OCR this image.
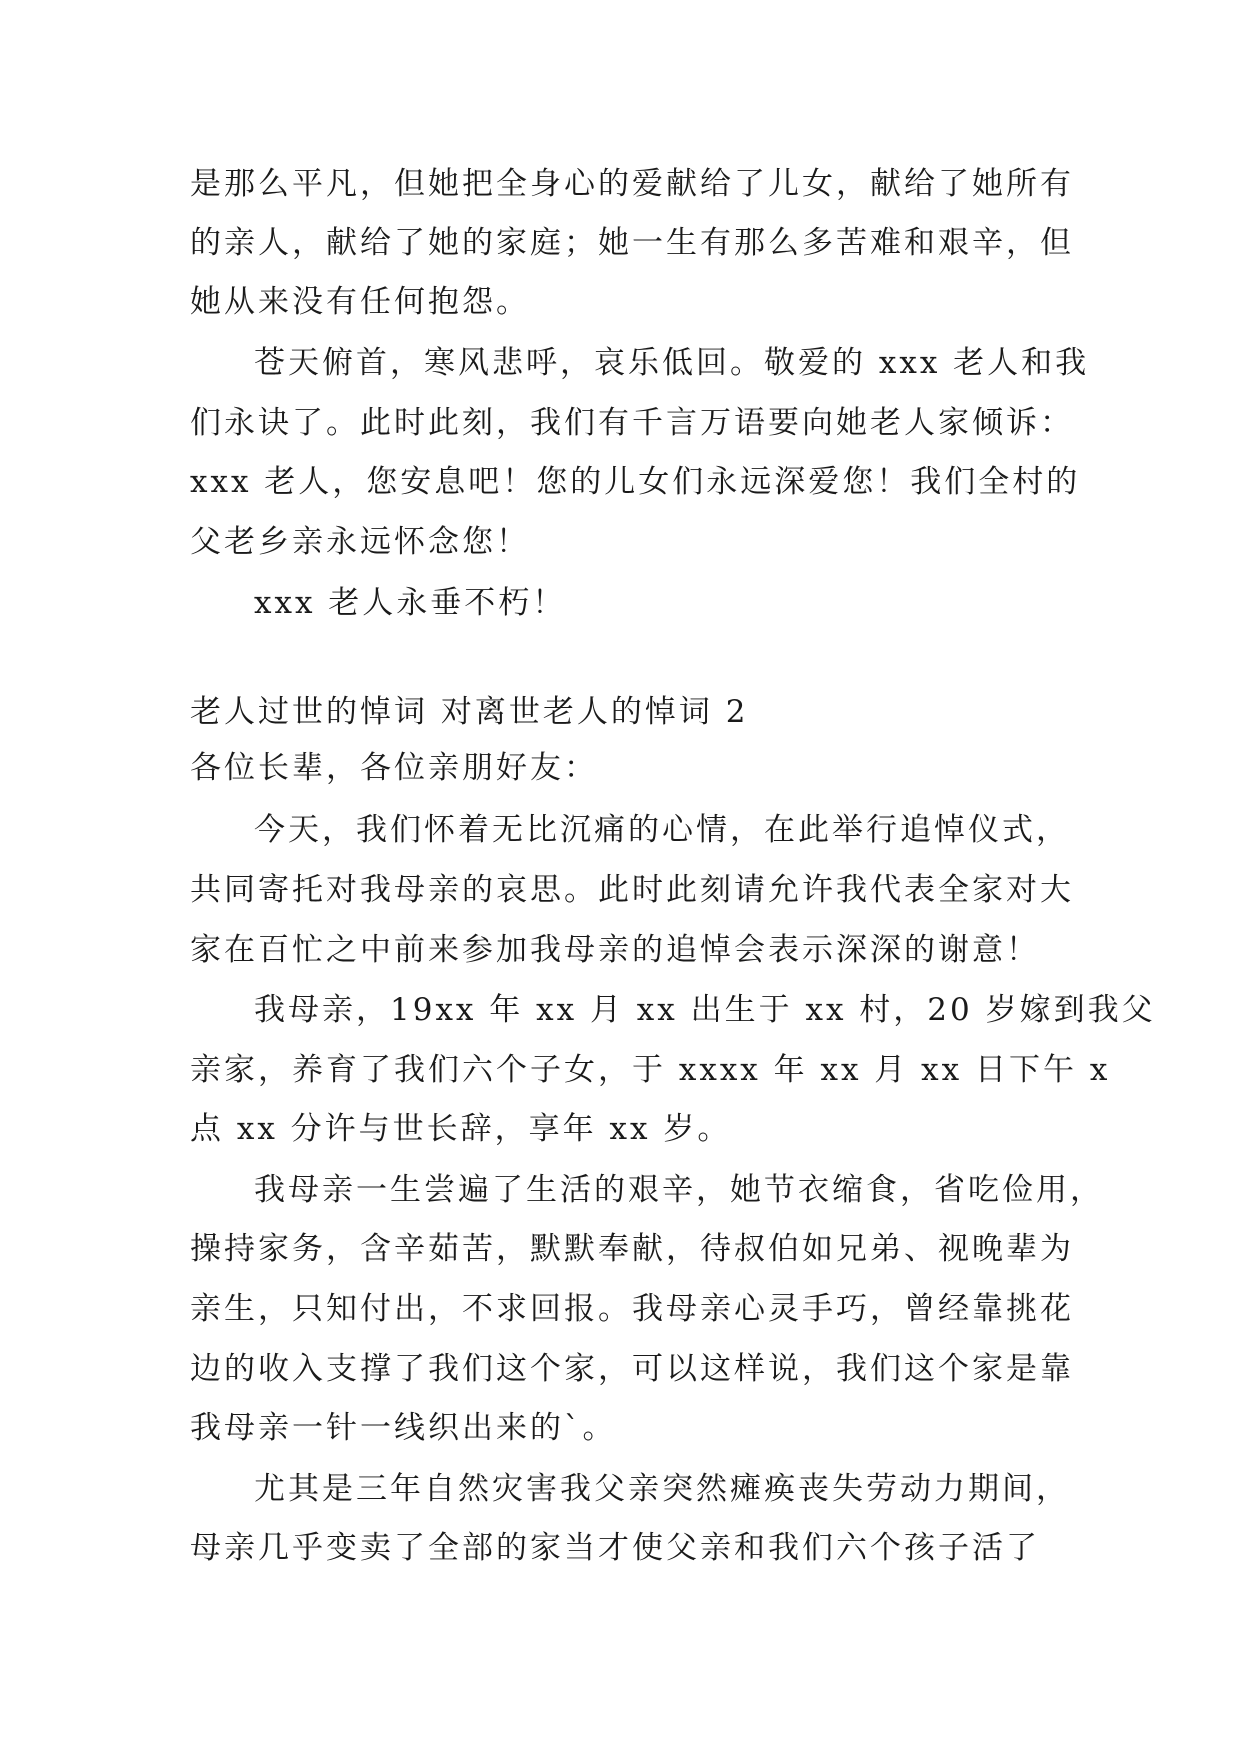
是那么平凡，但她把全身心的爱献给了儿女，献给了她所有
的亲人，献给了她的家庭；她一生有那么多苦难和艰辛，但
她从来没有任何抱怨。
苍天俯首，寒风悲呼，哀乐低回。敬爱的 xxx 老人和我
们永诀了。此时此刻，我们有千言万语要向她老人家倾诉：
xxx 老人，您安息吧！您的儿女们永远深爱您！我们全村的
父老乡亲永远怀念您！
xxx 老人永垂不朽！
老人过世的悼词 对离世老人的悼词 2
各位长辈，各位亲朋好友：
今天，我们怀着无比沉痛的心情，在此举行追悼仪式，
共同寄托对我母亲的哀思。此时此刻请允许我代表全家对大
家在百忙之中前来参加我母亲的追悼会表示深深的谢意！
我母亲，19xx 年 xx 月 xx 出生于 xx 村，20 岁嫁到我父
亲家，养育了我们六个子女，于 xxxx 年 xx 月 xx 日下午 x
点 xx 分许与世长辞，享年 xx 岁。
我母亲一生尝遍了生活的艰辛，她节衣缩食，省吃俭用，
操持家务，含辛茹苦，默默奉献，待叔伯如兄弟、视晚辈为
亲生，只知付出，不求回报。我母亲心灵手巧，曾经靠挑花
边的收入支撑了我们这个家，可以这样说，我们这个家是靠
我母亲一针一线织出来的`。
尤其是三年自然灾害我父亲突然瘫痪丧失劳动力期间，
母亲几乎变卖了全部的家当才使父亲和我们六个孩子活了
